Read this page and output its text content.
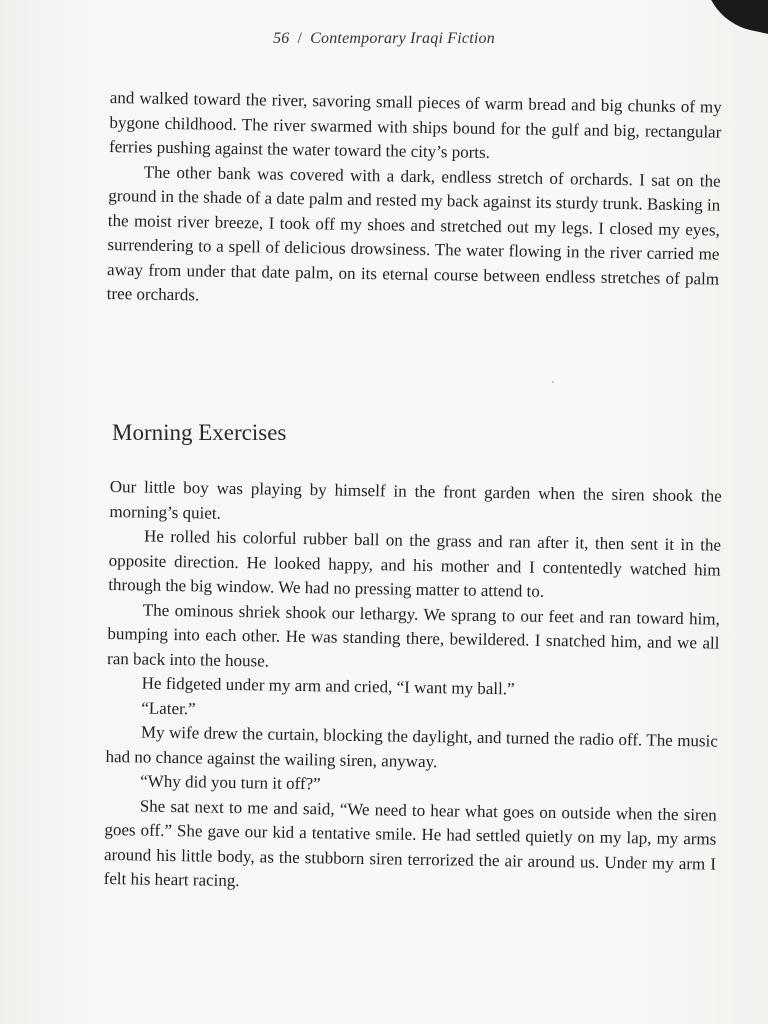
56 / Contemporary Iraqi Fiction

and walked toward the river, savoring small pieces of warm bread and big chunks of my bygone childhood. The river swarmed with ships bound for the gulf and big, rectangular ferries pushing against the water toward the city’s ports.

The other bank was covered with a dark, endless stretch of orchards. I sat on the ground in the shade of a date palm and rested my back against its sturdy trunk. Basking in the moist river breeze, I took off my shoes and stretched out my legs. I closed my eyes, surrendering to a spell of delicious drowsiness. The water flowing in the river carried me away from under that date palm, on its eternal course between endless stretches of palm tree orchards.

Morning Exercises

Our little boy was playing by himself in the front garden when the siren shook the morning’s quiet.

He rolled his colorful rubber ball on the grass and ran after it, then sent it in the opposite direction. He looked happy, and his mother and I contentedly watched him through the big window. We had no pressing matter to attend to.

The ominous shriek shook our lethargy. We sprang to our feet and ran toward him, bumping into each other. He was standing there, bewildered. I snatched him, and we all ran back into the house.

He fidgeted under my arm and cried, “I want my ball.”

“Later.”

My wife drew the curtain, blocking the daylight, and turned the radio off. The music had no chance against the wailing siren, anyway.

“Why did you turn it off?”

She sat next to me and said, “We need to hear what goes on outside when the siren goes off.” She gave our kid a tentative smile. He had settled quietly on my lap, my arms around his little body, as the stubborn siren terrorized the air around us. Under my arm I felt his heart racing.
